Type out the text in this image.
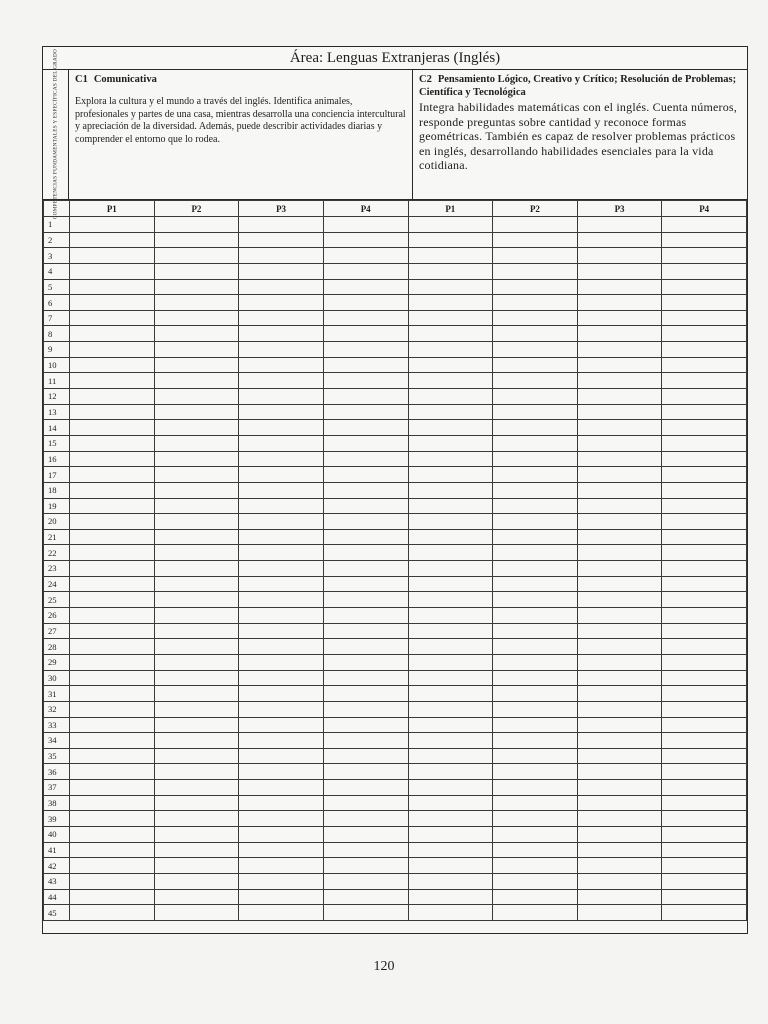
Área: Lenguas Extranjeras (Inglés)
COMPETENCIAS FUNDAMENTALES Y ESPECÍFICAS DEL GRADO C1 Comunicativa
Explora la cultura y el mundo a través del inglés. Identifica animales, profesionales y partes de una casa, mientras desarrolla una conciencia intercultural y apreciación de la diversidad. Además, puede describir actividades diarias y comprender el entorno que lo rodea.
C2 Pensamiento Lógico, Creativo y Crítico; Resolución de Problemas; Científica y Tecnológica
Integra habilidades matemáticas con el inglés. Cuenta números, responde preguntas sobre cantidad y reconoce formas geométricas. También es capaz de resolver problemas prácticos en inglés, desarrollando habilidades esenciales para la vida cotidiana.
	P1	P2	P3	P4	P1	P2	P3	P4
1								
2								
3								
4								
5								
6								
7								
8								
9								
10								
11								
12								
13								
14								
15								
16								
17								
18								
19								
20								
21								
22								
23								
24								
25								
26								
27								
28								
29								
30								
31								
32								
33								
34								
35								
36								
37								
38								
39								
40								
41								
42								
43								
44								
45								
120
